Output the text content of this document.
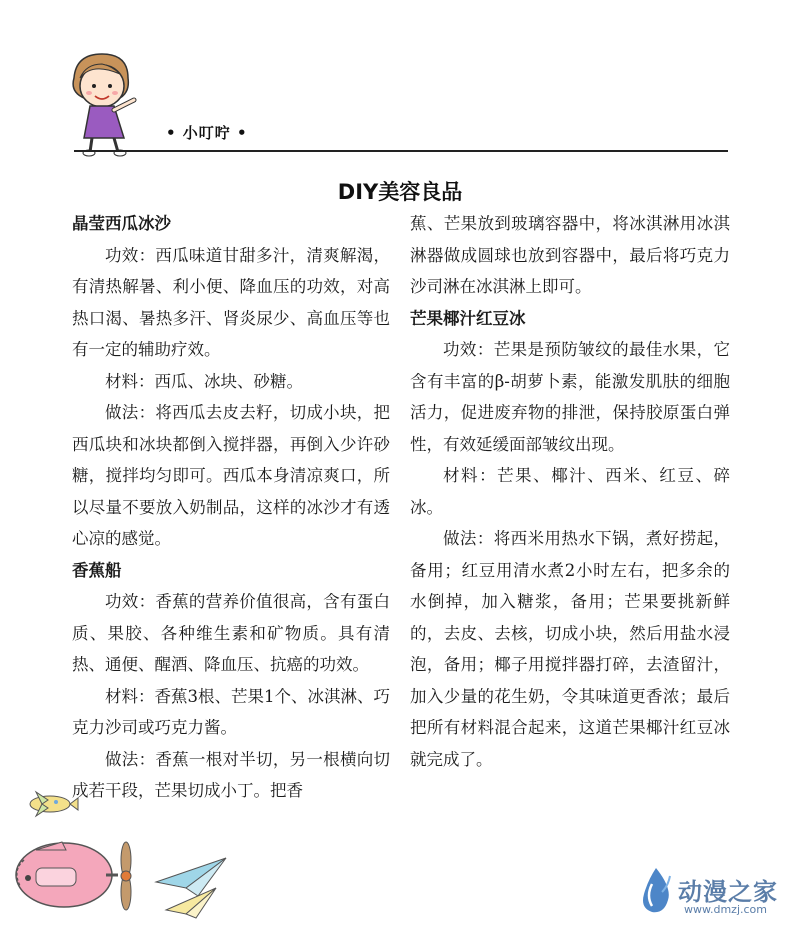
• 小叮咛 •
DIY美容良品
晶莹西瓜冰沙

功效：西瓜味道甘甜多汁，清爽解渴，有清热解暑、利小便、降血压的功效，对高热口渴、暑热多汗、肾炎尿少、高血压等也有一定的辅助疗效。

材料：西瓜、冰块、砂糖。

做法：将西瓜去皮去籽，切成小块，把西瓜块和冰块都倒入搅拌器，再倒入少许砂糖，搅拌均匀即可。西瓜本身清凉爽口，所以尽量不要放入奶制品，这样的冰沙才有透心凉的感觉。

香蕉船

功效：香蕉的营养价值很高，含有蛋白质、果胶、各种维生素和矿物质。具有清热、通便、醒酒、降血压、抗癌的功效。

材料：香蕉3根、芒果1个、冰淇淋、巧克力沙司或巧克力酱。

做法：香蕉一根对半切，另一根横向切成若干段，芒果切成小丁。把香

蕉、芒果放到玻璃容器中，将冰淇淋用冰淇淋器做成圆球也放到容器中，最后将巧克力沙司淋在冰淇淋上即可。

芒果椰汁红豆冰

功效：芒果是预防皱纹的最佳水果，它含有丰富的β-胡萝卜素，能激发肌肤的细胞活力，促进废弃物的排泄，保持胶原蛋白弹性，有效延缓面部皱纹出现。

材料：芒果、椰汁、西米、红豆、碎冰。

做法：将西米用热水下锅，煮好捞起，备用；红豆用清水煮2小时左右，把多余的水倒掉，加入糖浆，备用；芒果要挑新鲜的，去皮、去核，切成小块，然后用盐水浸泡，备用；椰子用搅拌器打碎，去渣留汁，加入少量的花生奶，令其味道更香浓；最后把所有材料混合起来，这道芒果椰汁红豆冰就完成了。

动漫之家
www.dmzj.com
